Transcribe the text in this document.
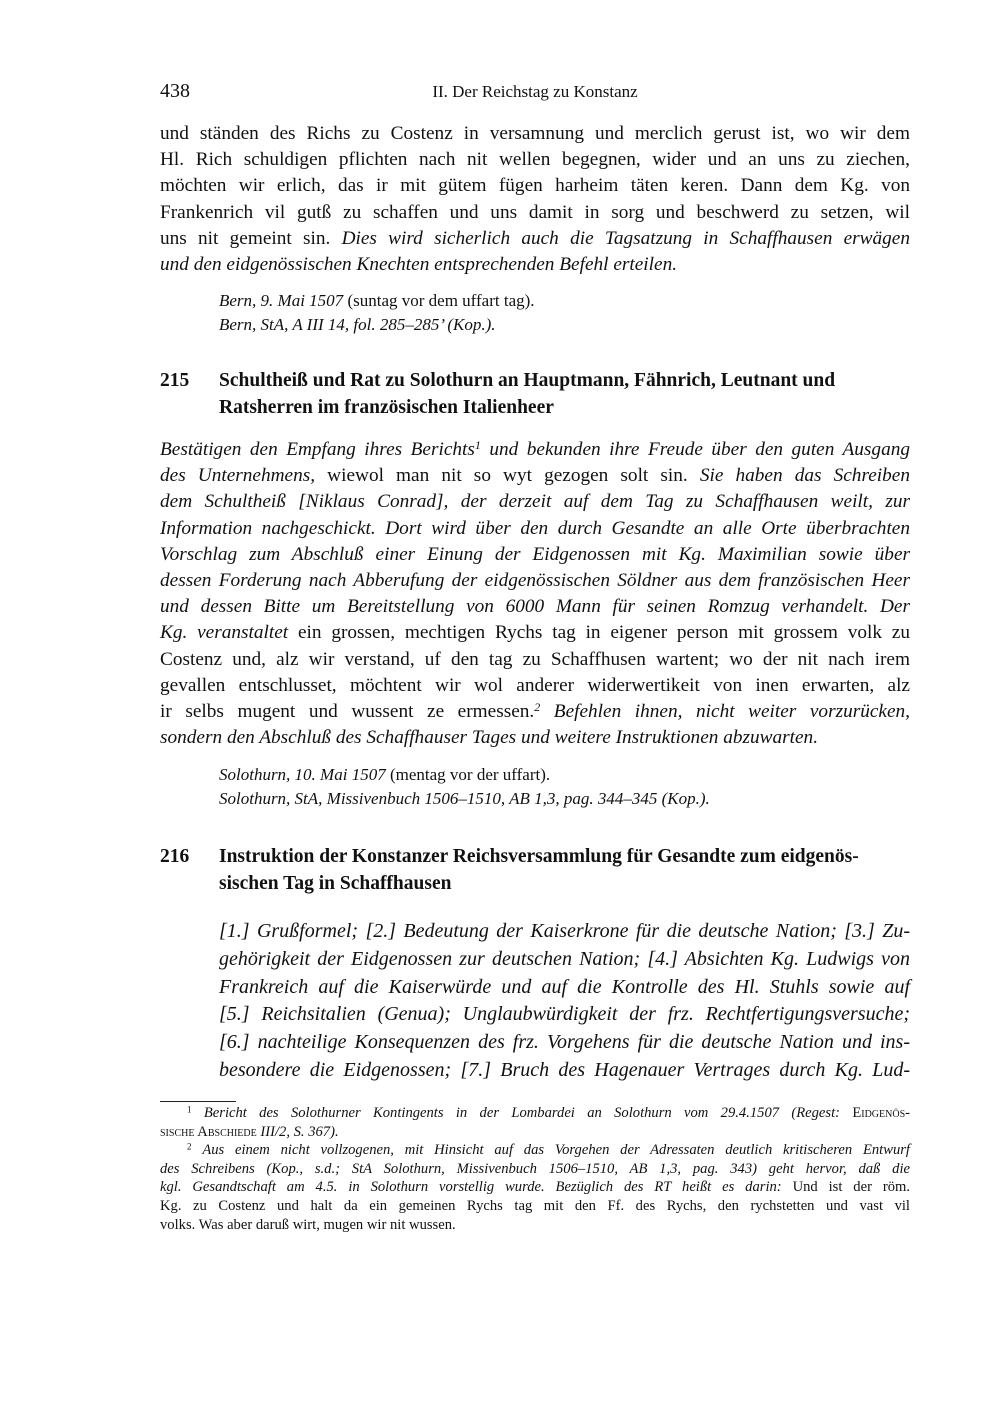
438	II. Der Reichstag zu Konstanz
und ständen des Richs zu Costenz in versamnung und merclich gerust ist, wo wir dem
Hl. Rich schuldigen pflichten nach nit wellen begegnen, wider und an uns zu ziechen,
möchten wir erlich, das ir mit gütem fügen harheim täten keren. Dann dem Kg. von
Frankenrich vil gutß zu schaffen und uns damit in sorg und beschwerd zu setzen, wil
uns nit gemeint sin. Dies wird sicherlich auch die Tagsatzung in Schaffhausen erwägen
und den eidgenössischen Knechten entsprechenden Befehl erteilen.
Bern, 9. Mai 1507 (suntag vor dem uffart tag).
Bern, StA, A III 14, fol. 285–285’ (Kop.).
215 Schultheiß und Rat zu Solothurn an Hauptmann, Fähnrich, Leutnant und
Ratsherren im französischen Italienheer
Bestätigen den Empfang ihres Berichts$^1$ und bekunden ihre Freude über den guten Ausgang
des Unternehmens, wiewol man nit so wyt gezogen solt sin. Sie haben das Schreiben
dem Schultheiß [Niklaus Conrad], der derzeit auf dem Tag zu Schaffhausen weilt, zur
Information nachgeschickt. Dort wird über den durch Gesandte an alle Orte überbrachten
Vorschlag zum Abschluß einer Einung der Eidgenossen mit Kg. Maximilian sowie über
dessen Forderung nach Abberufung der eidgenössischen Söldner aus dem französischen Heer
und dessen Bitte um Bereitstellung von 6000 Mann für seinen Romzug verhandelt. Der
Kg. veranstaltet ein grossen, mechtigen Rychs tag in eigener person mit grossem volk zu
Costenz und, alz wir verstand, uf den tag zu Schaffhusen wartent; wo der nit nach irem
gevallen entschlusset, möchtent wir wol anderer widerwertikeit von inen erwarten, alz
ir selbs mugent und wussent ze ermessen.$^2$ Befehlen ihnen, nicht weiter vorzurücken,
sondern den Abschluß des Schaffhauser Tages und weitere Instruktionen abzuwarten.
Solothurn, 10. Mai 1507 (mentag vor der uffart).
Solothurn, StA, Missivenbuch 1506–1510, AB 1,3, pag. 344–345 (Kop.).
216 Instruktion der Konstanzer Reichsversammlung für Gesandte zum eidgenös-
sischen Tag in Schaffhausen
[1.] Grußformel; [2.] Bedeutung der Kaiserkrone für die deutsche Nation; [3.] Zu-
gehörigkeit der Eidgenossen zur deutschen Nation; [4.] Absichten Kg. Ludwigs von
Frankreich auf die Kaiserwürde und auf die Kontrolle des Hl. Stuhls sowie auf
[5.] Reichsitalien (Genua); Unglaubwürdigkeit der frz. Rechtfertigungsversuche;
[6.] nachteilige Konsequenzen des frz. Vorgehens für die deutsche Nation und ins-
besondere die Eidgenossen; [7.] Bruch des Hagenauer Vertrages durch Kg. Lud-
$^1$ Bericht des Solothurner Kontingents in der Lombardei an Solothurn vom 29.4.1507 (Regest: Eidgenös-
sische Abschiede III/2, S. 367).
$^2$ Aus einem nicht vollzogenen, mit Hinsicht auf das Vorgehen der Adressaten deutlich kritischeren Entwurf
des Schreibens (Kop., s.d.; StA Solothurn, Missivenbuch 1506–1510, AB 1,3, pag. 343) geht hervor, daß die
kgl. Gesandtschaft am 4.5. in Solothurn vorstellig wurde. Bezüglich des RT heißt es darin: Und ist der röm.
Kg. zu Costenz und halt da ein gemeinen Rychs tag mit den Ff. des Rychs, den rychstetten und vast vil
volks. Was aber daruß wirt, mugen wir nit wussen.
